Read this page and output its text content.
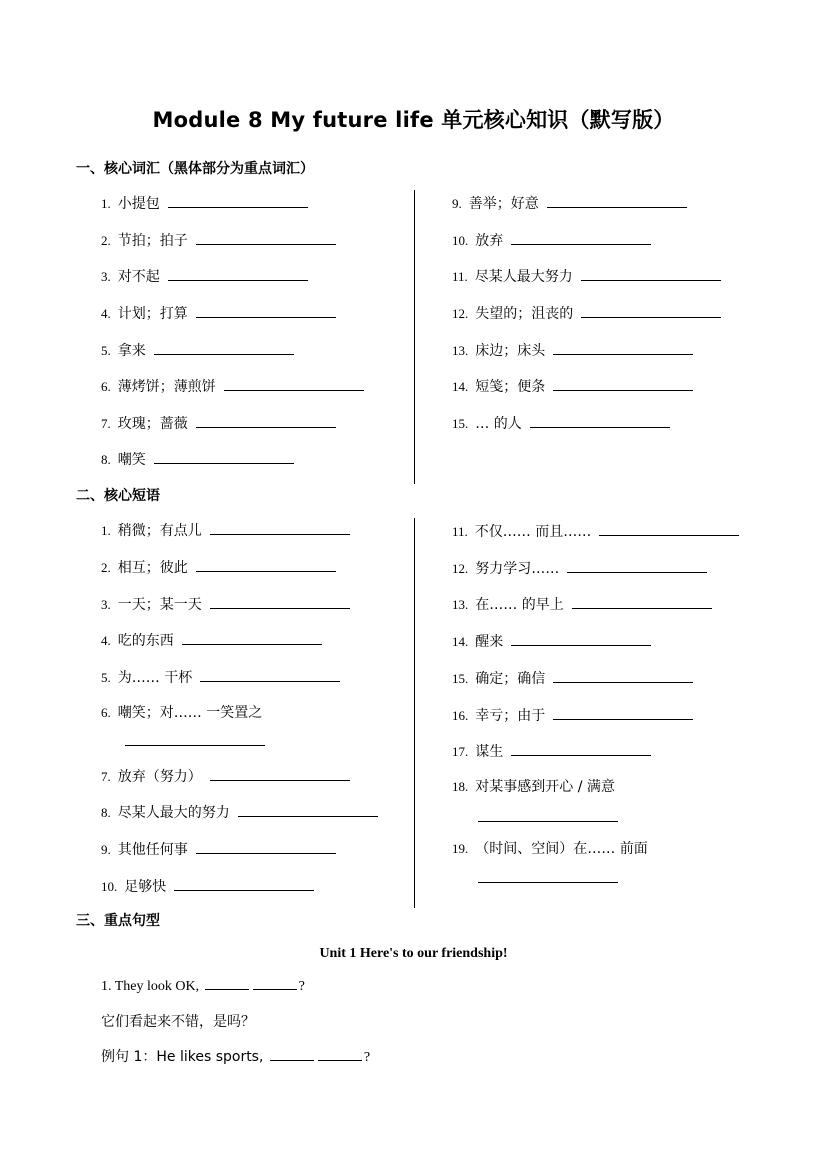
Module 8 My future life 单元核心知识（默写版）
一、核心词汇（黑体部分为重点词汇）
1. 小提包
2. 节拍；拍子
3. 对不起
4. 计划；打算
5. 拿来
6. 薄烤饼；薄煎饼
7. 玫瑰；蔷薇
8. 嘲笑
9. 善举；好意
10. 放弃
11. 尽某人最大努力
12. 失望的；沮丧的
13. 床边；床头
14. 短笺；便条
15. … 的人
二、核心短语
1. 稍微；有点儿
2. 相互；彼此
3. 一天；某一天
4. 吃的东西
5. 为…… 干杯
6. 嘲笑；对…… 一笑置之
7. 放弃（努力）
8. 尽某人最大的努力
9. 其他任何事
10. 足够快
11. 不仅…… 而且……
12. 努力学习……
13. 在…… 的早上
14. 醒来
15. 确定；确信
16. 幸亏；由于
17. 谋生
18. 对某事感到开心 / 满意
19. （时间、空间）在…… 前面
三、重点句型
Unit 1 Here's to our friendship!
1. They look OK,	?
它们看起来不错，是吗？
例句 1：He likes sports,	?
